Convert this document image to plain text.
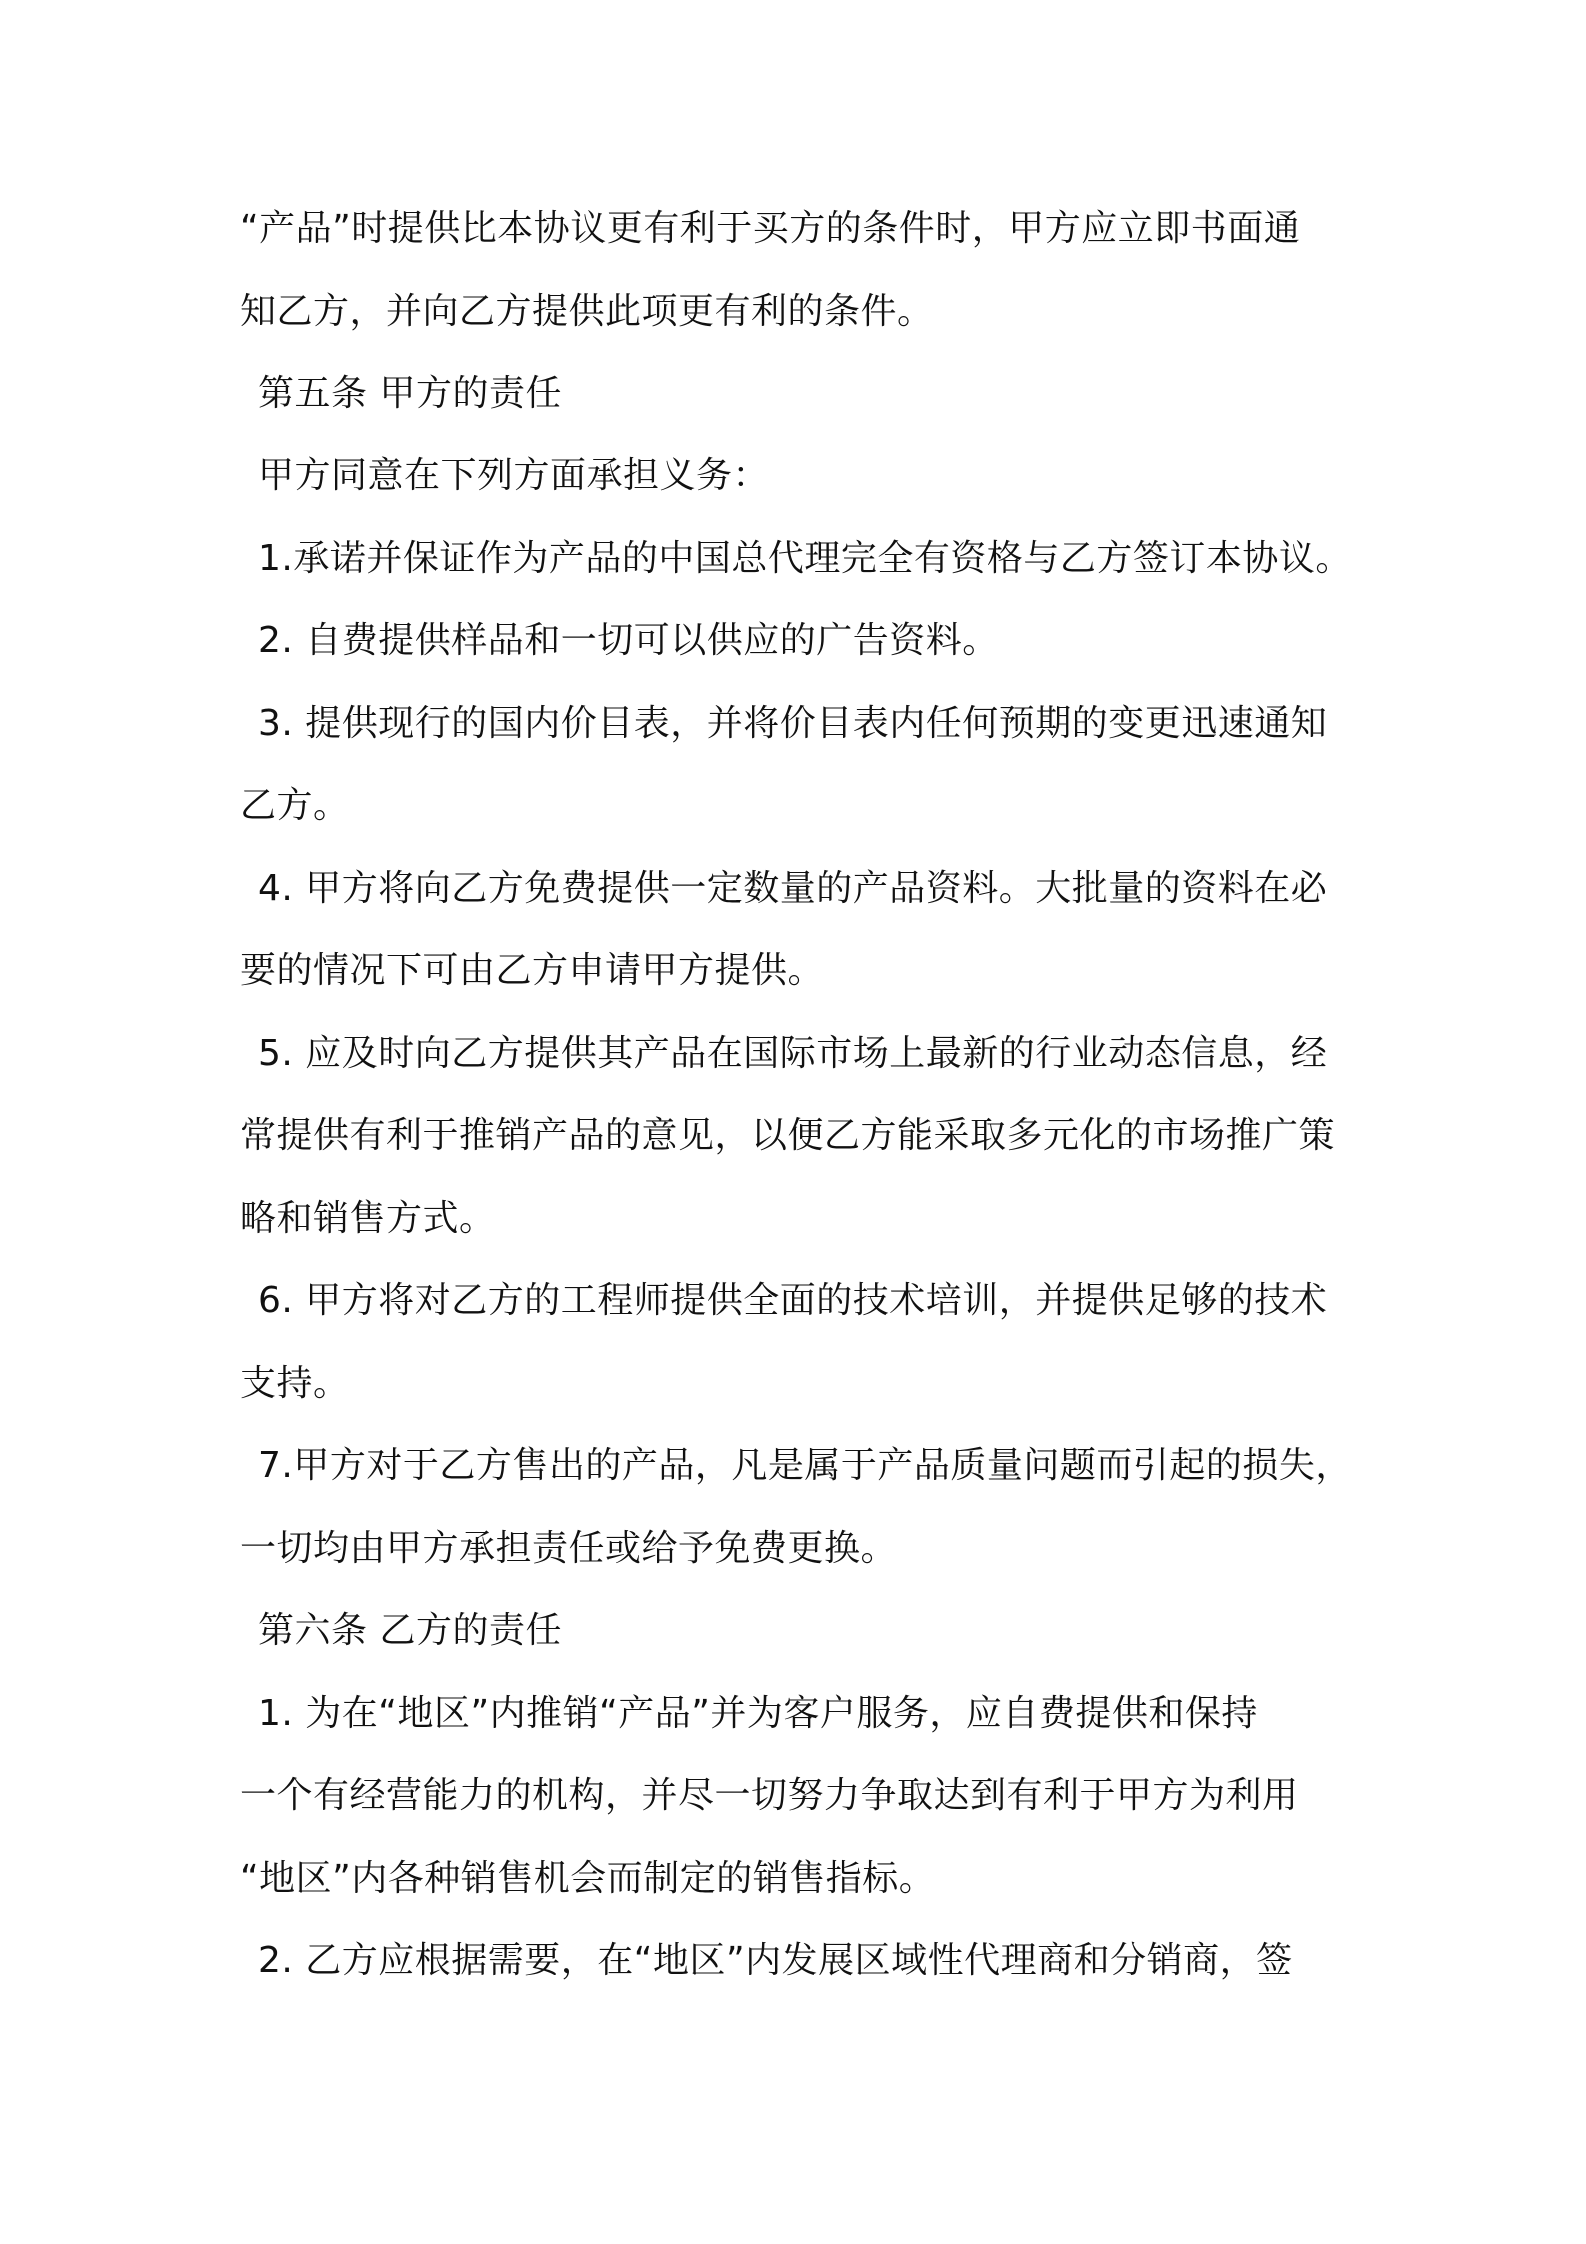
“产品”时提供比本协议更有利于买方的条件时，甲方应立即书面通
知乙方，并向乙方提供此项更有利的条件。
第五条 甲方的责任
甲方同意在下列方面承担义务：
1.承诺并保证作为产品的中国总代理完全有资格与乙方签订本协议。
2. 自费提供样品和一切可以供应的广告资料。
3. 提供现行的国内价目表，并将价目表内任何预期的变更迅速通知
乙方。
4. 甲方将向乙方免费提供一定数量的产品资料。大批量的资料在必
要的情况下可由乙方申请甲方提供。
5. 应及时向乙方提供其产品在国际市场上最新的行业动态信息，经
常提供有利于推销产品的意见，以便乙方能采取多元化的市场推广策
略和销售方式。
6. 甲方将对乙方的工程师提供全面的技术培训，并提供足够的技术
支持。
7.甲方对于乙方售出的产品，凡是属于产品质量问题而引起的损失，
一切均由甲方承担责任或给予免费更换。
第六条 乙方的责任
1. 为在“地区”内推销“产品”并为客户服务，应自费提供和保持
一个有经营能力的机构，并尽一切努力争取达到有利于甲方为利用
“地区”内各种销售机会而制定的销售指标。
2. 乙方应根据需要，在“地区”内发展区域性代理商和分销商，签
